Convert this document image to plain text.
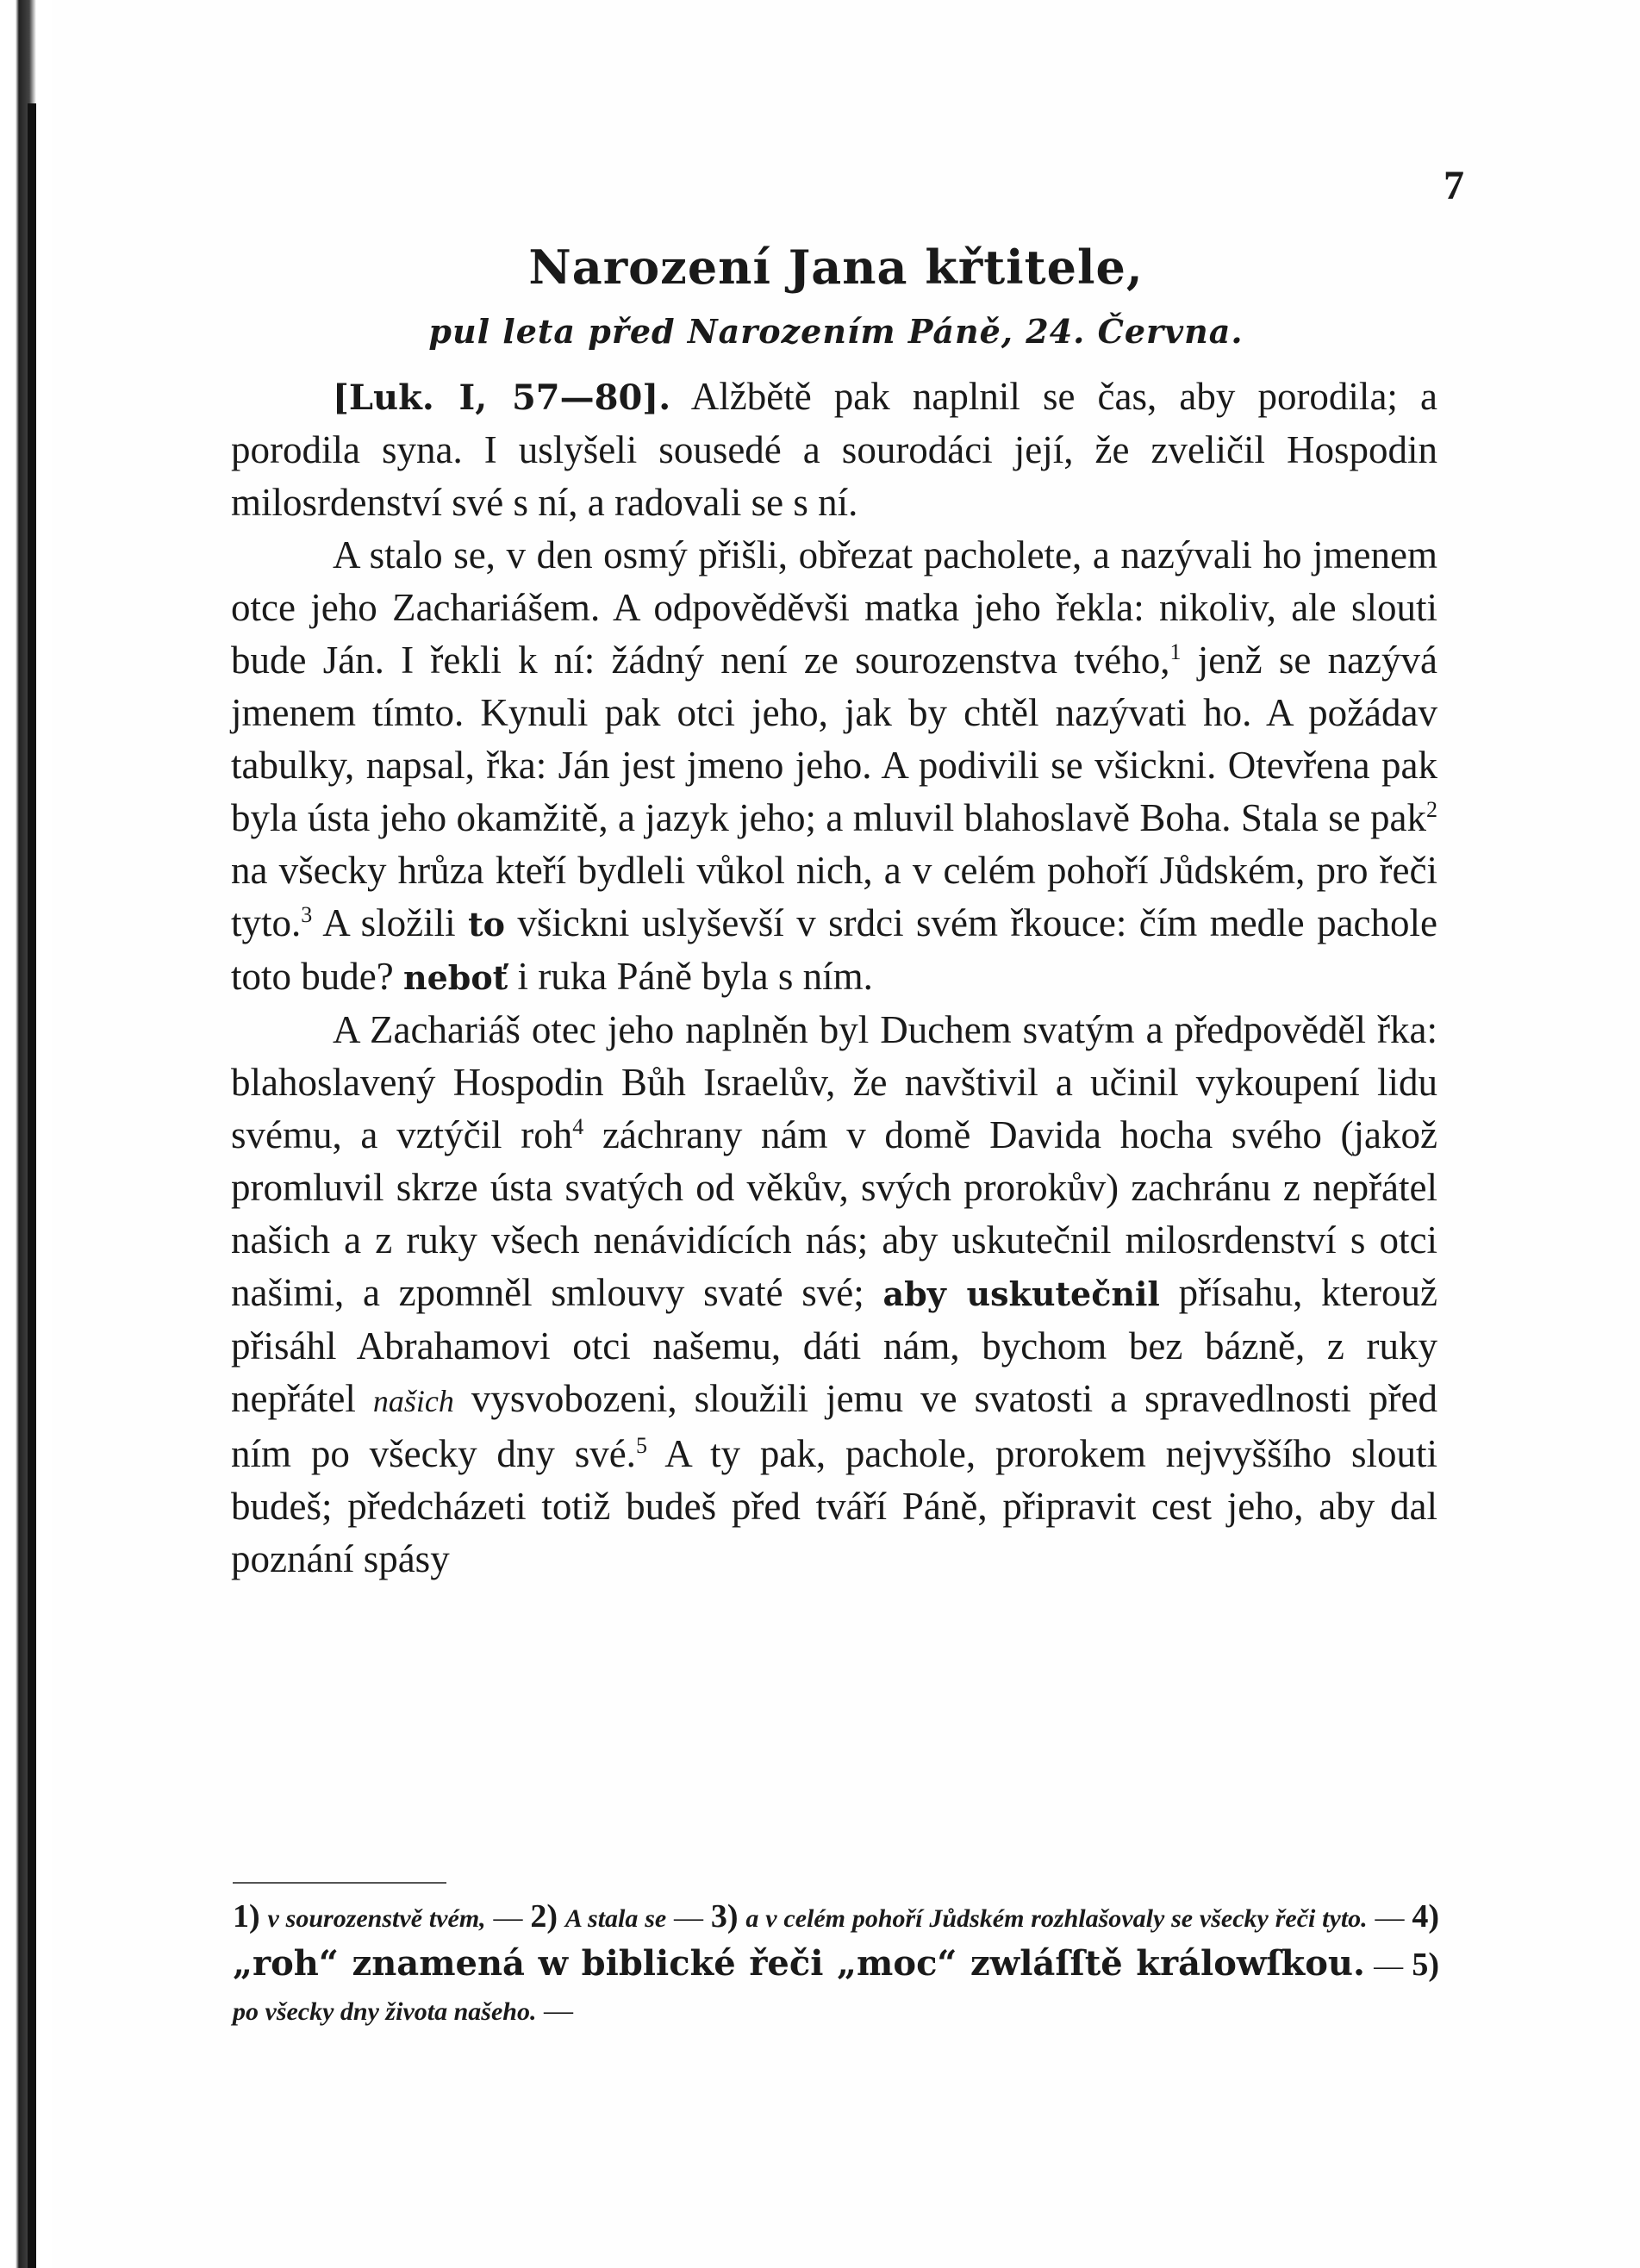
7
Narození Jana křtitele,
pul leta před Narozením Páně, 24. Června.

[Luk. I, 57—80]. Alžbětě pak naplnil se čas, aby porodila; a porodila syna. I uslyšeli sousedé a sourodáci její, že zveličil Hospodin milosrdenství své s ní, a radovali se s ní.

A stalo se, v den osmý přišli, obřezat pacholete, a nazývali ho jmenem otce jeho Zachariášem. A odpověděvši matka jeho řekla: nikoliv, ale slouti bude Ján. I řekli k ní: žádný není ze sourozenstva tvého,$^1$ jenž se nazývá jmenem tímto. Kynuli pak otci jeho, jak by chtěl nazývati ho. A požádav tabulky, napsal, řka: Ján jest jmeno jeho. A podivili se všickni. Otevřena pak byla ústa jeho okamžitě, a jazyk jeho; a mluvil blahoslavě Boha. Stala se pak$^2$ na všecky hrůza kteří bydleli vůkol nich, a v celém pohoří Jůdském, pro řeči tyto.$^3$ A složili to všickni uslyševší v srdci svém řkouce: čím medle pachole toto bude? neboť i ruka Páně byla s ním.

A Zachariáš otec jeho naplněn byl Duchem svatým a předpověděl řka: blahoslavený Hospodin Bůh Israelův, že navštivil a učinil vykoupení lidu svému, a vztýčil roh$^4$ záchrany nám v domě Davida hocha svého (jakož promluvil skrze ústa svatých od věkův, svých prorokův) zachránu z nepřátel našich a z ruky všech nenávidících nás; aby uskutečnil milosrdenství s otci našimi, a zpomněl smlouvy svaté své; aby uskutečnil přísahu, kterouž přisáhl Abrahamovi otci našemu, dáti nám, bychom bez bázně, z ruky nepřátel našich vysvobozeni, sloužili jemu ve svatosti a spravedlnosti před ním po všecky dny své.$^5$ A ty pak, pachole, prorokem nejvyššího slouti budeš; předcházeti totiž budeš před tváří Páně, připravit cest jeho, aby dal poznání spásy

1) v sourozenstvě tvém, — 2) A stala se — 3) a v celém pohoří Jůdském rozhlašovaly se všecky řeči tyto. — 4) „roh“ znamená w biblické řeči „moc“ zwláſſtě králowſkou. — 5) po všecky dny života našeho. —
